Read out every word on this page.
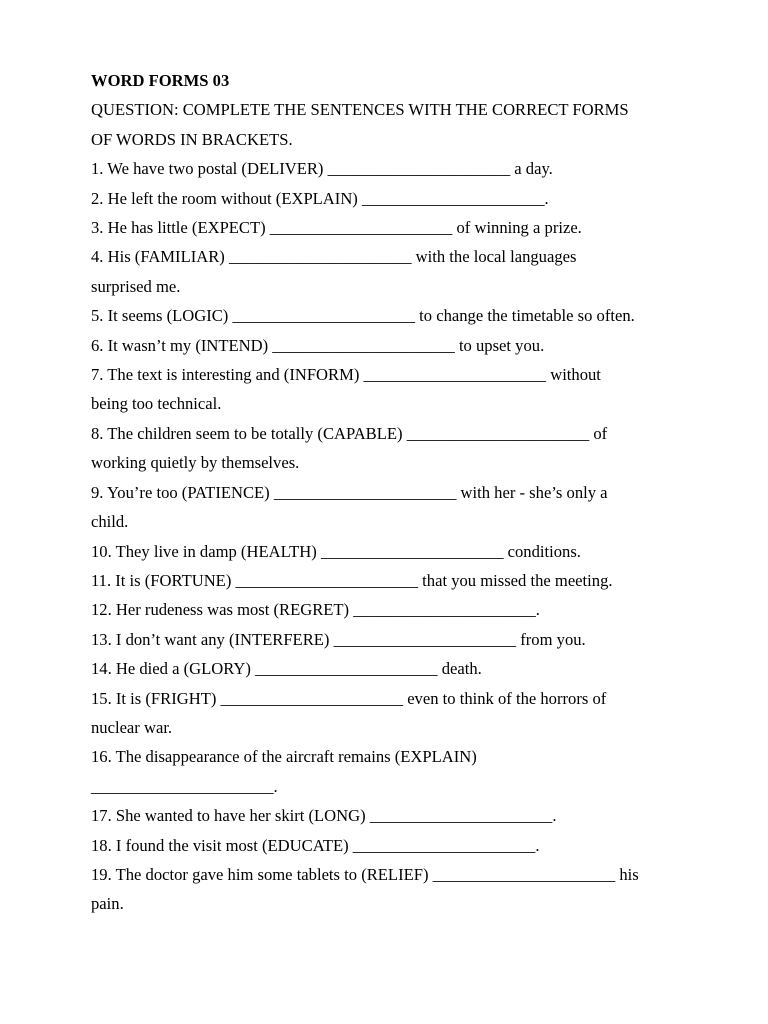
WORD FORMS 03

QUESTION: COMPLETE THE SENTENCES WITH THE CORRECT FORMS

OF WORDS IN BRACKETS.

1. We have two postal (DELIVER) ______________________ a day.

2. He left the room without (EXPLAIN) ______________________.

3. He has little (EXPECT) ______________________ of winning a prize.

4. His (FAMILIAR) ______________________ with the local languages

surprised me.

5. It seems (LOGIC) ______________________ to change the timetable so often.

6. It wasn’t my (INTEND) ______________________ to upset you.

7. The text is interesting and (INFORM) ______________________ without

being too technical.

8. The children seem to be totally (CAPABLE) ______________________ of

working quietly by themselves.

9. You’re too (PATIENCE) ______________________ with her - she’s only a

child.

10. They live in damp (HEALTH) ______________________ conditions.

11. It is (FORTUNE) ______________________ that you missed the meeting.

12. Her rudeness was most (REGRET) ______________________.

13. I don’t want any (INTERFERE) ______________________ from you.

14. He died a (GLORY) ______________________ death.

15. It is (FRIGHT) ______________________ even to think of the horrors of

nuclear war.

16. The disappearance of the aircraft remains (EXPLAIN)

______________________.

17. She wanted to have her skirt (LONG) ______________________.

18. I found the visit most (EDUCATE) ______________________.

19. The doctor gave him some tablets to (RELIEF) ______________________ his

pain.
